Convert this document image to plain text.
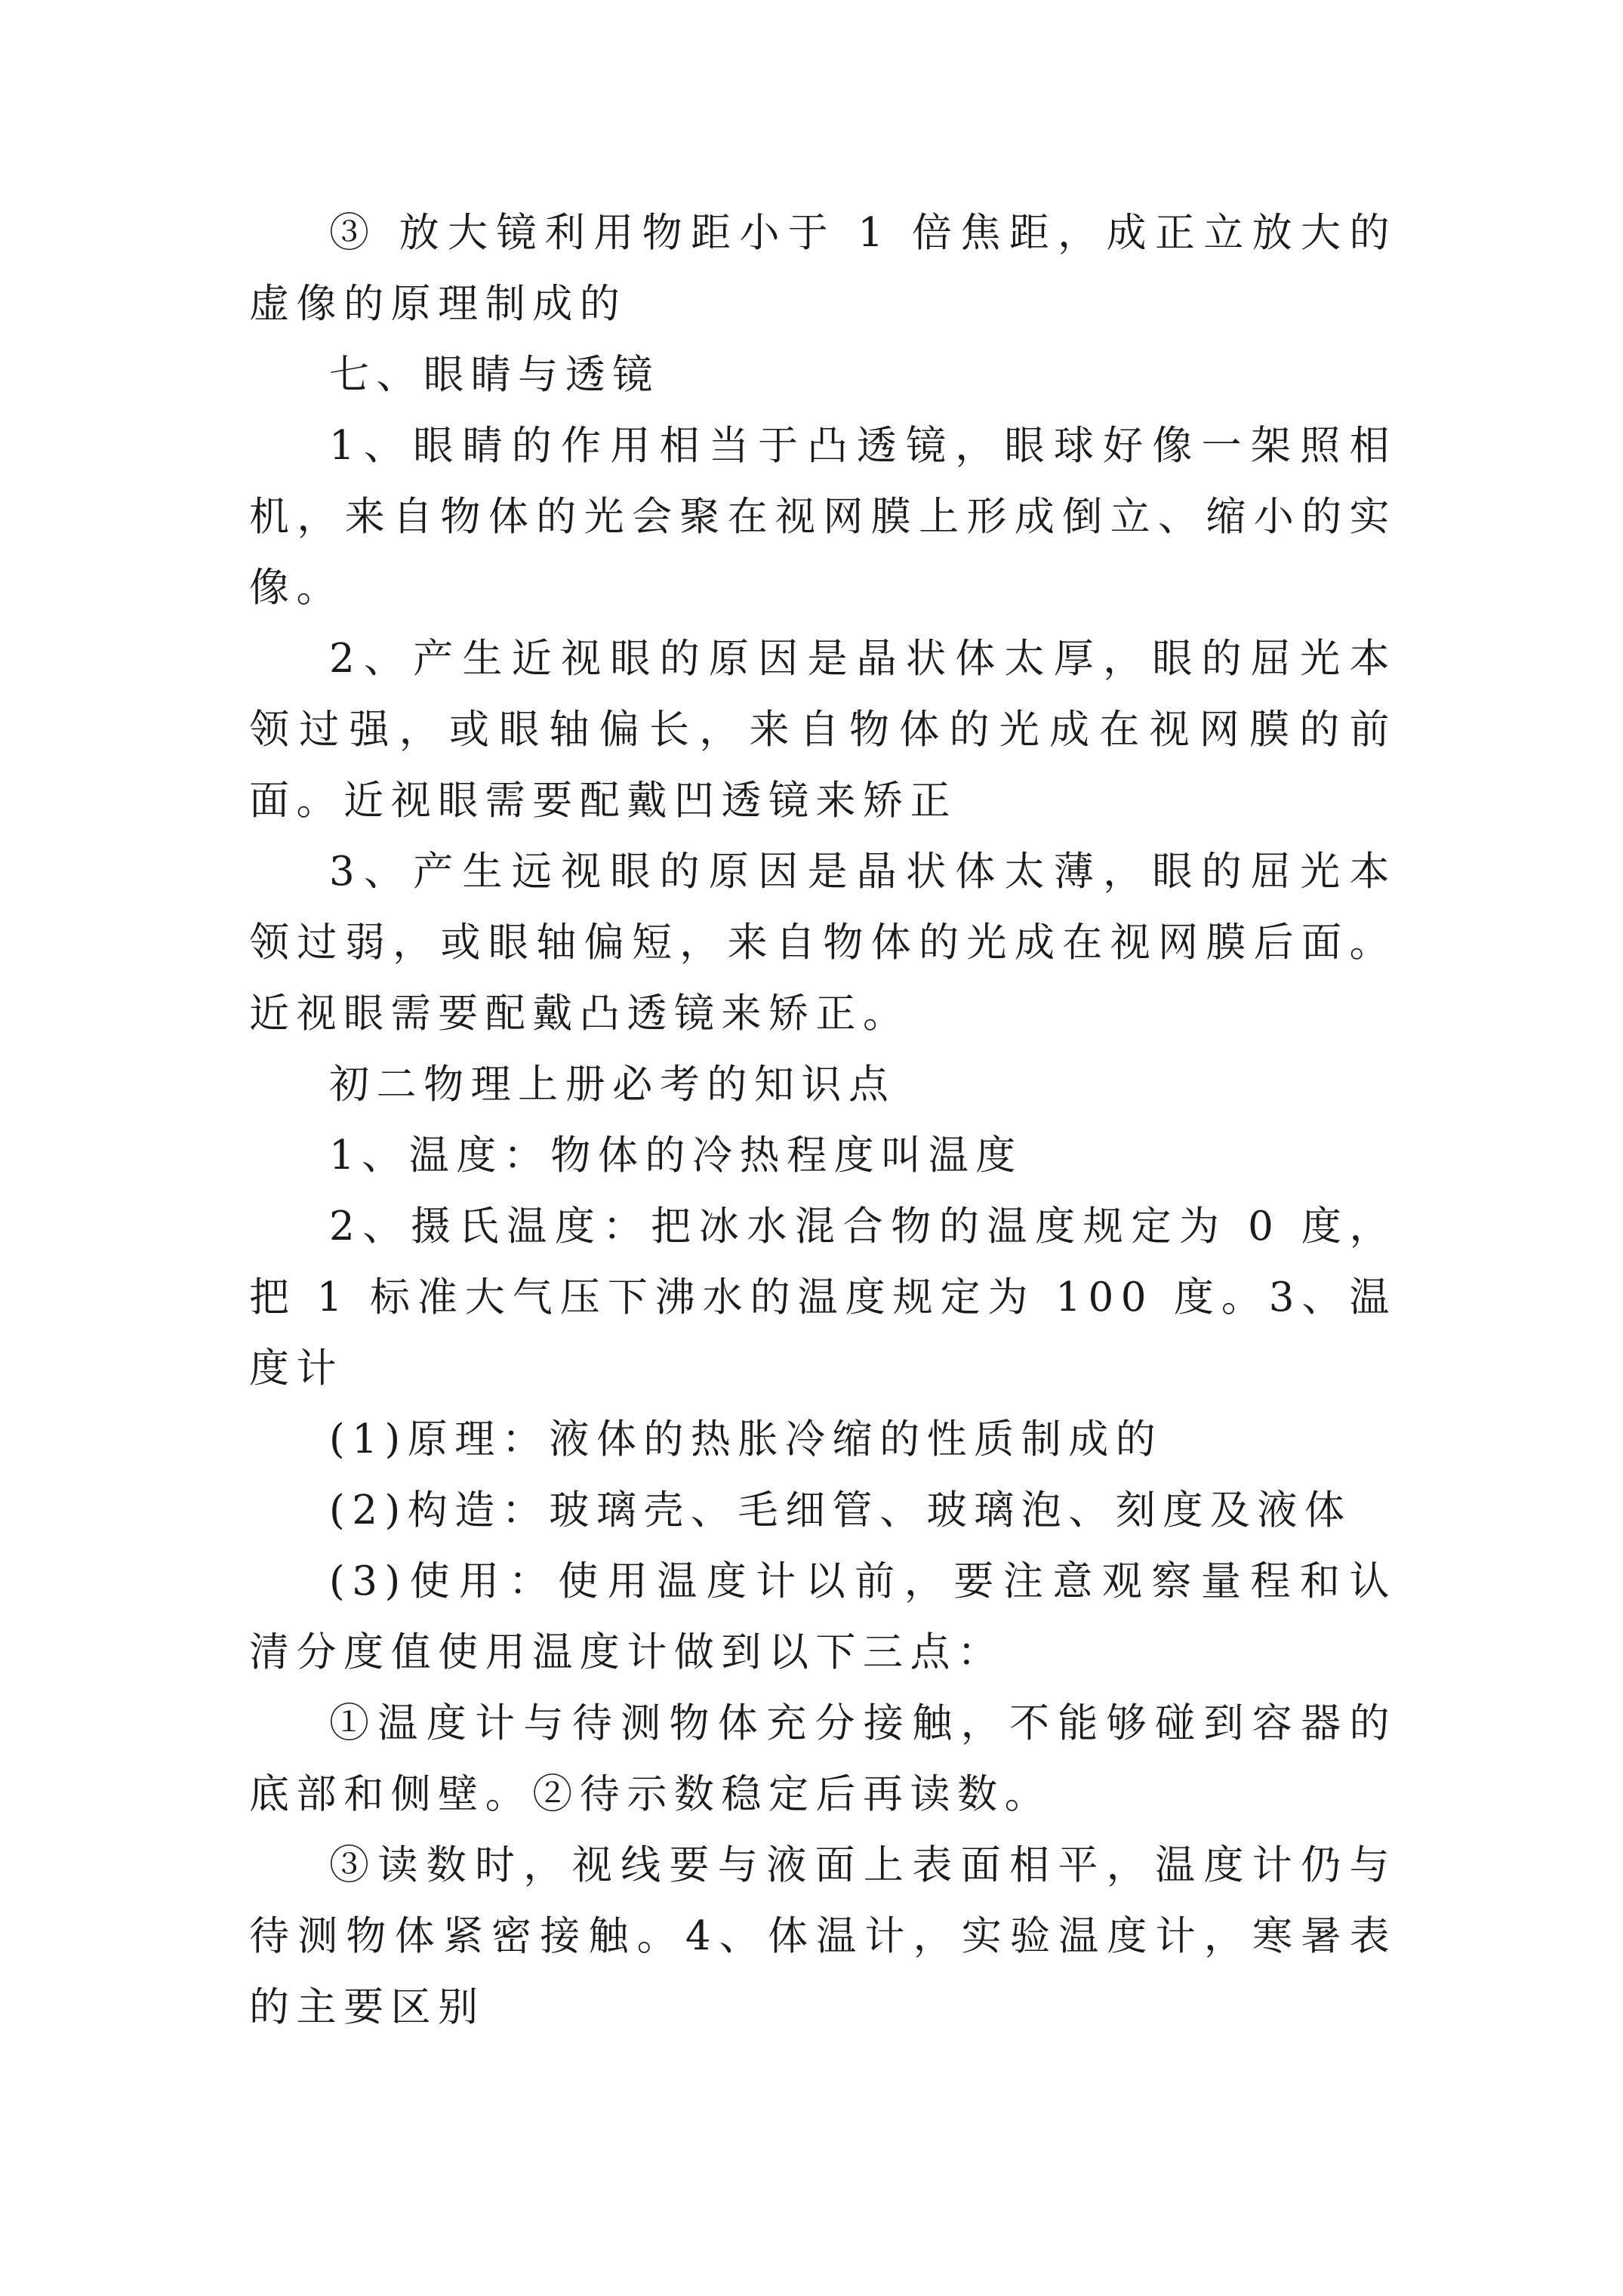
③ 放大镜利用物距小于 1 倍焦距，成正立放大的虚像的原理制成的

七、眼睛与透镜

1、眼睛的作用相当于凸透镜，眼球好像一架照相机，来自物体的光会聚在视网膜上形成倒立、缩小的实像。

2、产生近视眼的原因是晶状体太厚，眼的屈光本领过强，或眼轴偏长，来自物体的光成在视网膜的前面。近视眼需要配戴凹透镜来矫正

3、产生远视眼的原因是晶状体太薄，眼的屈光本领过弱，或眼轴偏短，来自物体的光成在视网膜后面。近视眼需要配戴凸透镜来矫正。

初二物理上册必考的知识点

1、温度：物体的冷热程度叫温度

2、摄氏温度：把冰水混合物的温度规定为 0 度，把 1 标准大气压下沸水的温度规定为 100 度。3、温度计

(1)原理：液体的热胀冷缩的性质制成的

(2)构造：玻璃壳、毛细管、玻璃泡、刻度及液体

(3)使用：使用温度计以前，要注意观察量程和认清分度值使用温度计做到以下三点：

①温度计与待测物体充分接触，不能够碰到容器的底部和侧壁。②待示数稳定后再读数。

③读数时，视线要与液面上表面相平，温度计仍与待测物体紧密接触。4、体温计，实验温度计，寒暑表的主要区别
